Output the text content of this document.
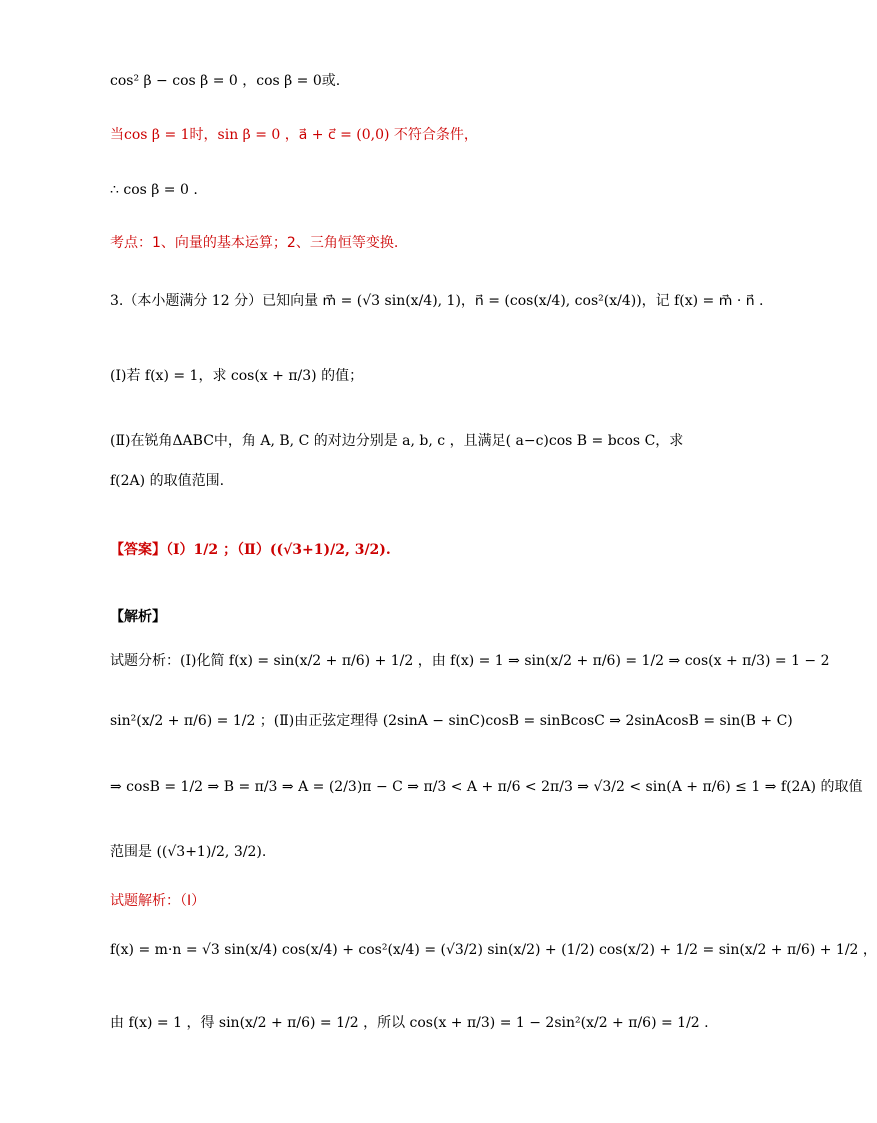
cos² β − cos β = 0 ，cos β = 0或.
当cos β = 1时，sin β = 0 ，a⃗ + c⃗ = (0,0) 不符合条件，
∴ cos β = 0 .
考点：1、向量的基本运算；2、三角恒等变换.
3.（本小题满分 12 分）已知向量 m⃗ = (√3 sin(x/4), 1)，n⃗ = (cos(x/4), cos²(x/4))，记 f(x) = m⃗ · n⃗ .
(Ⅰ)若 f(x) = 1，求 cos(x + π/3) 的值；
(Ⅱ)在锐角ΔABC中，角 A, B, C 的对边分别是 a, b, c ，且满足( a−c)cos B = bcos C，求
f(2A) 的取值范围.
【答案】（Ⅰ）1/2 ；（Ⅱ）((√3+1)/2, 3/2).
【解析】
试题分析：(Ⅰ)化简 f(x) = sin(x/2 + π/6) + 1/2 ，由 f(x) = 1 ⇒ sin(x/2 + π/6) = 1/2 ⇒ cos(x + π/3) = 1 − 2
sin²(x/2 + π/6) = 1/2 ；(Ⅱ)由正弦定理得 (2sinA − sinC)cosB = sinBcosC ⇒ 2sinAcosB = sin(B + C)
⇒ cosB = 1/2 ⇒ B = π/3 ⇒ A = (2/3)π − C ⇒ π/3 < A + π/6 < 2π/3 ⇒ √3/2 < sin(A + π/6) ≤ 1 ⇒ f(2A) 的取值
范围是 ((√3+1)/2, 3/2).
试题解析：（Ⅰ）
f(x) = m·n = √3 sin(x/4) cos(x/4) + cos²(x/4) = (√3/2) sin(x/2) + (1/2) cos(x/2) + 1/2 = sin(x/2 + π/6) + 1/2 ，
由 f(x) = 1 ，得 sin(x/2 + π/6) = 1/2 ，所以 cos(x + π/3) = 1 − 2sin²(x/2 + π/6) = 1/2 .
